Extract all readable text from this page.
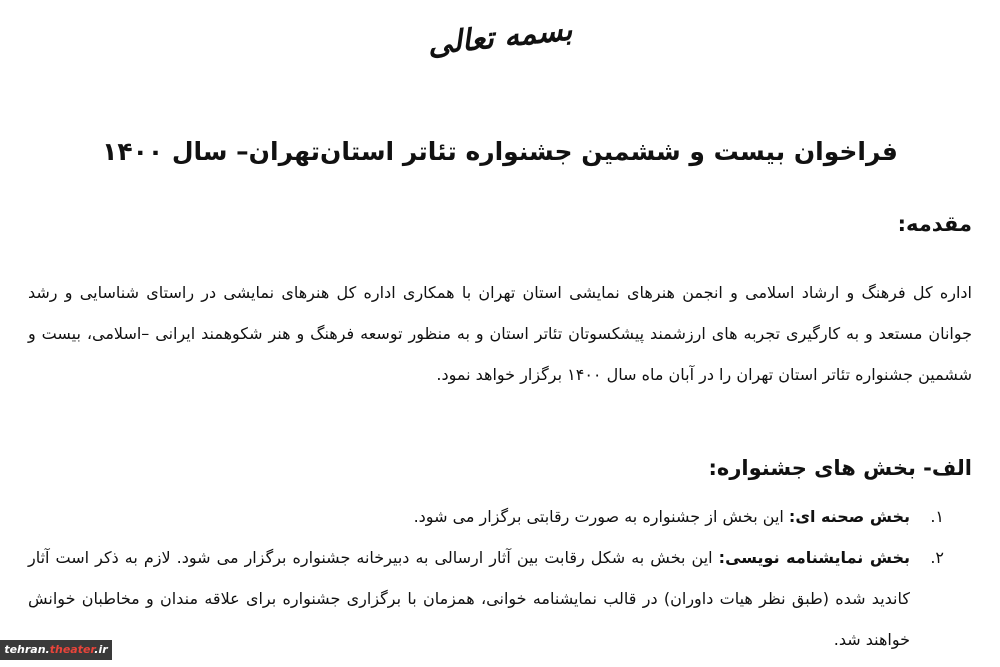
بسمه تعالی
فراخوان بیست و ششمین جشنواره تئاتر استان‌تهران– سال ۱۴۰۰
مقدمه:

اداره کل فرهنگ و ارشاد اسلامی و انجمن هنرهای نمایشی استان تهران با همکاری اداره کل هنرهای نمایشی در راستای شناسایی و رشد جوانان مستعد و به کارگیری تجربه های ارزشمند پیشکسوتان تئاتر استان و به منظور توسعه فرهنگ و هنر شکوهمند ایرانی –اسلامی، بیست و ششمین جشنواره تئاتر استان تهران را در آبان ماه سال ۱۴۰۰ برگزار خواهد نمود.

الف- بخش های جشنواره:
۱.
بخش صحنه ای: این بخش از جشنواره به صورت رقابتی برگزار می شود.
۲.
بخش نمایشنامه نویسی: این بخش به شکل رقابت بین آثار ارسالی به دبیرخانه جشنواره برگزار می شود. لازم به ذکر است آثار کاندید شده (طبق نظر هیات داوران) در قالب نمایشنامه خوانی، همزمان با برگزاری جشنواره برای علاقه مندان و مخاطبان خوانش خواهند شد.
tehran.theater.ir
